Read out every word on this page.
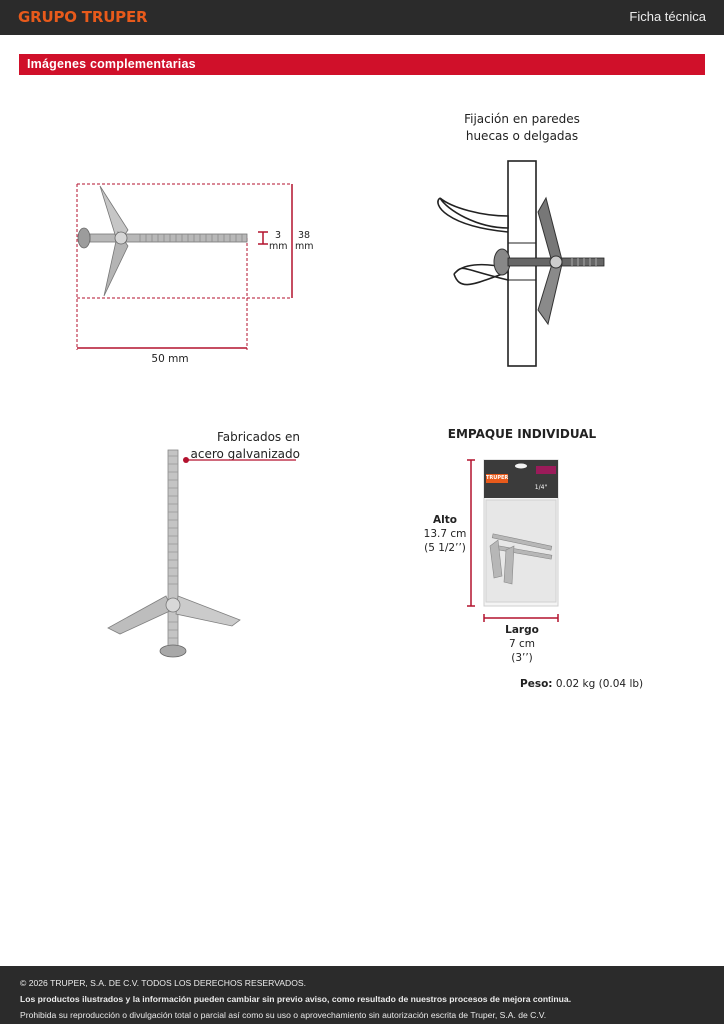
GRUPO TRUPER	Ficha técnica
Imágenes complementarias
3
mm
38
mm
50 mm
Fijación en paredes
huecas o delgadas
Fabricados en
acero galvanizado
EMPAQUE INDIVIDUAL
TRUPER
1/4"
Alto
13.7 cm
(5 1/2’’)
Largo
7 cm
(3’’)
Peso: 0.02 kg (0.04 lb)
© 2026 TRUPER, S.A. DE C.V. TODOS LOS DERECHOS RESERVADOS.
Los productos ilustrados y la información pueden cambiar sin previo aviso, como resultado de nuestros procesos de mejora continua.
Prohibida su reproducción o divulgación total o parcial así como su uso o aprovechamiento sin autorización escrita de Truper, S.A. de C.V.
